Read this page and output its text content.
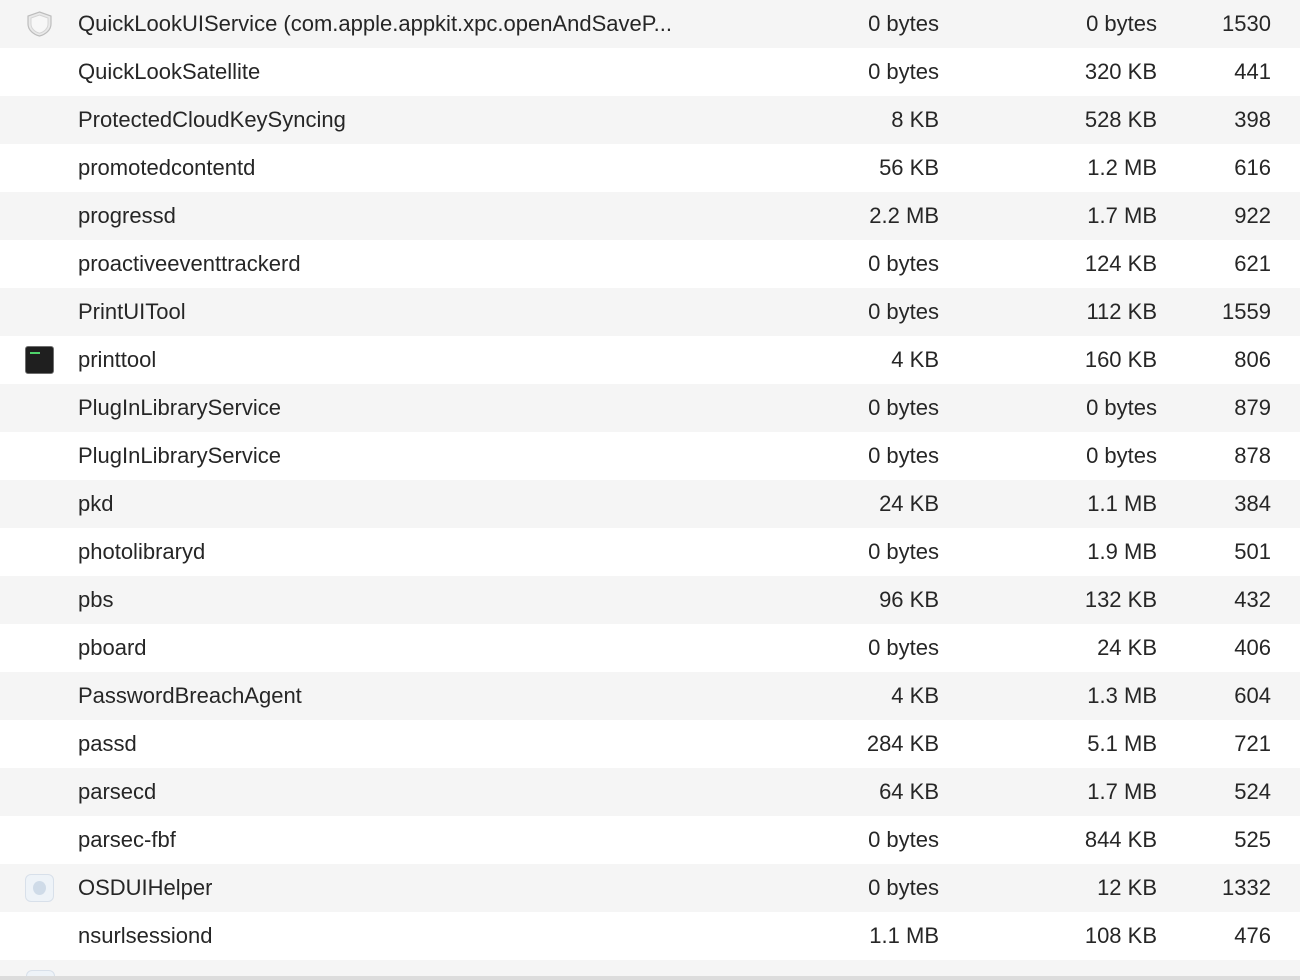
QuickLookUIService (com.apple.appkit.xpc.openAndSaveP...	0 bytes	0 bytes	1530
QuickLookSatellite	0 bytes	320 KB	441
ProtectedCloudKeySyncing	8 KB	528 KB	398
promotedcontentd	56 KB	1.2 MB	616
progressd	2.2 MB	1.7 MB	922
proactiveeventtrackerd	0 bytes	124 KB	621
PrintUITool	0 bytes	112 KB	1559
printtool	4 KB	160 KB	806
PlugInLibraryService	0 bytes	0 bytes	879
PlugInLibraryService	0 bytes	0 bytes	878
pkd	24 KB	1.1 MB	384
photolibraryd	0 bytes	1.9 MB	501
pbs	96 KB	132 KB	432
pboard	0 bytes	24 KB	406
PasswordBreachAgent	4 KB	1.3 MB	604
passd	284 KB	5.1 MB	721
parsecd	64 KB	1.7 MB	524
parsec-fbf	0 bytes	844 KB	525
OSDUIHelper	0 bytes	12 KB	1332
nsurlsessiond	1.1 MB	108 KB	476
